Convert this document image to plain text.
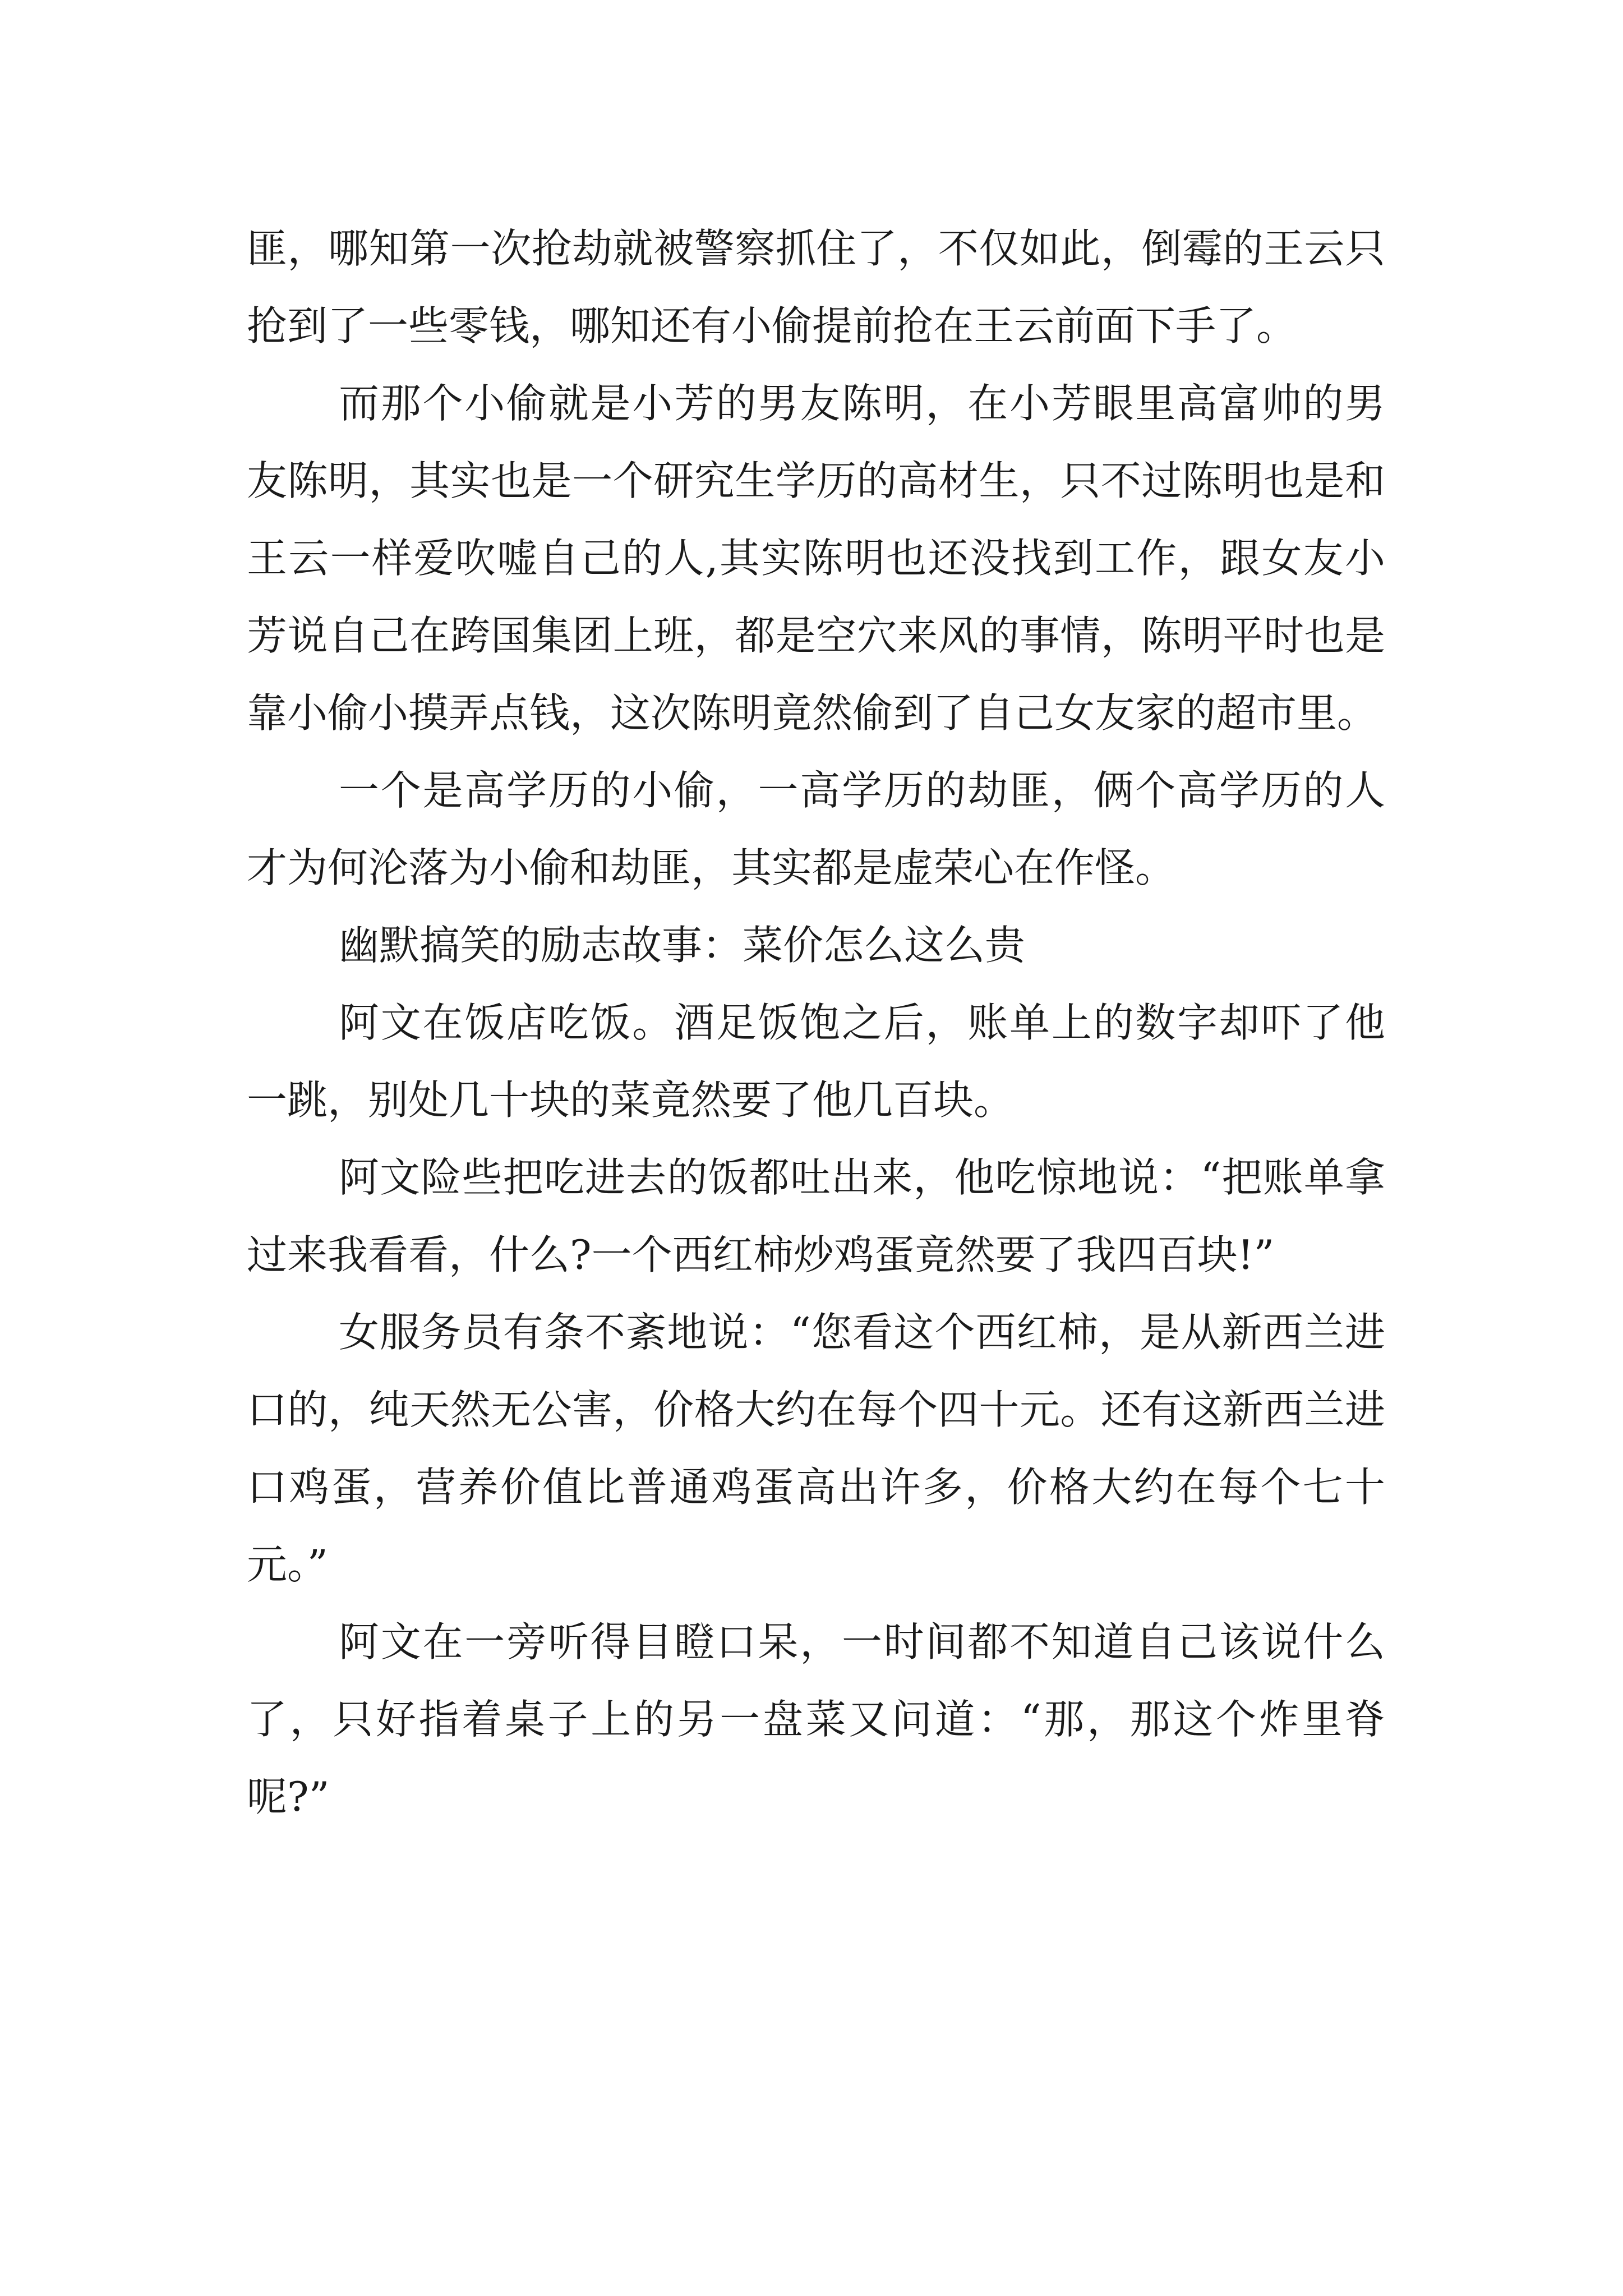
匪，哪知第一次抢劫就被警察抓住了，不仅如此，倒霉的王云只抢到了一些零钱，哪知还有小偷提前抢在王云前面下手了。

而那个小偷就是小芳的男友陈明，在小芳眼里高富帅的男友陈明，其实也是一个研究生学历的高材生，只不过陈明也是和王云一样爱吹嘘自己的人,其实陈明也还没找到工作，跟女友小芳说自己在跨国集团上班，都是空穴来风的事情，陈明平时也是靠小偷小摸弄点钱，这次陈明竟然偷到了自己女友家的超市里。

一个是高学历的小偷，一高学历的劫匪，俩个高学历的人才为何沦落为小偷和劫匪，其实都是虚荣心在作怪。

幽默搞笑的励志故事：菜价怎么这么贵

阿文在饭店吃饭。酒足饭饱之后，账单上的数字却吓了他一跳，别处几十块的菜竟然要了他几百块。

阿文险些把吃进去的饭都吐出来，他吃惊地说：“把账单拿过来我看看，什么?一个西红柿炒鸡蛋竟然要了我四百块!”

女服务员有条不紊地说：“您看这个西红柿，是从新西兰进口的，纯天然无公害，价格大约在每个四十元。还有这新西兰进口鸡蛋，营养价值比普通鸡蛋高出许多，价格大约在每个七十元。”

阿文在一旁听得目瞪口呆，一时间都不知道自己该说什么了，只好指着桌子上的另一盘菜又问道：“那，那这个炸里脊呢?”
